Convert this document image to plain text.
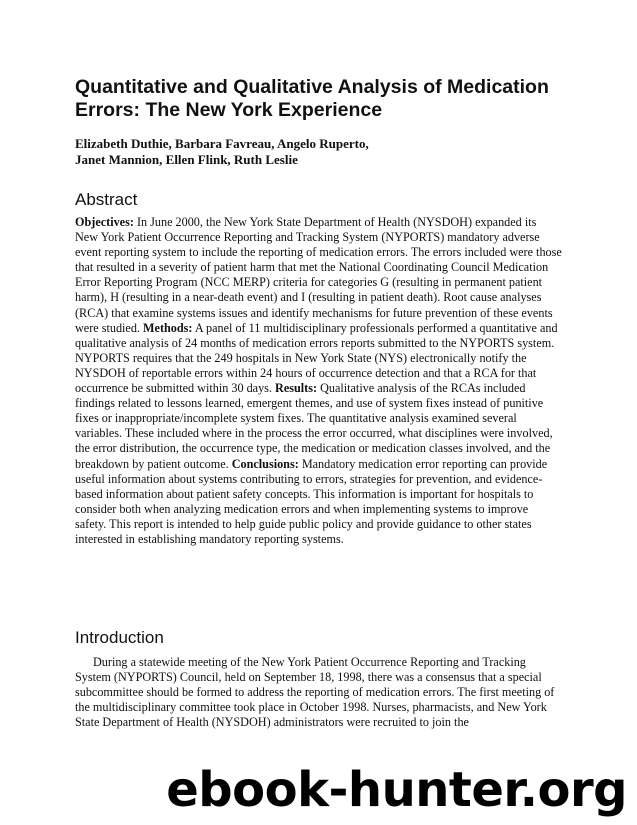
Quantitative and Qualitative Analysis of Medication Errors: The New York Experience
Elizabeth Duthie, Barbara Favreau, Angelo Ruperto,
Janet Mannion, Ellen Flink, Ruth Leslie
Abstract

Objectives: In June 2000, the New York State Department of Health (NYSDOH) expanded its New York Patient Occurrence Reporting and Tracking System (NYPORTS) mandatory adverse event reporting system to include the reporting of medication errors. The errors included were those that resulted in a severity of patient harm that met the National Coordinating Council Medication Error Reporting Program (NCC MERP) criteria for categories G (resulting in permanent patient harm), H (resulting in a near-death event) and I (resulting in patient death). Root cause analyses (RCA) that examine systems issues and identify mechanisms for future prevention of these events were studied. Methods: A panel of 11 multidisciplinary professionals performed a quantitative and qualitative analysis of 24 months of medication errors reports submitted to the NYPORTS system. NYPORTS requires that the 249 hospitals in New York State (NYS) electronically notify the NYSDOH of reportable errors within 24 hours of occurrence detection and that a RCA for that occurrence be submitted within 30 days. Results: Qualitative analysis of the RCAs included findings related to lessons learned, emergent themes, and use of system fixes instead of punitive fixes or inappropriate/incomplete system fixes. The quantitative analysis examined several variables. These included where in the process the error occurred, what disciplines were involved, the error distribution, the occurrence type, the medication or medication classes involved, and the breakdown by patient outcome. Conclusions: Mandatory medication error reporting can provide useful information about systems contributing to errors, strategies for prevention, and evidence-based information about patient safety concepts. This information is important for hospitals to consider both when analyzing medication errors and when implementing systems to improve safety. This report is intended to help guide public policy and provide guidance to other states interested in establishing mandatory reporting systems.

Introduction

During a statewide meeting of the New York Patient Occurrence Reporting and Tracking System (NYPORTS) Council, held on September 18, 1998, there was a consensus that a special subcommittee should be formed to address the reporting of medication errors. The first meeting of the multidisciplinary committee took place in October 1998. Nurses, pharmacists, and New York State Department of Health (NYSDOH) administrators were recruited to join the

ebook-hunter.org
